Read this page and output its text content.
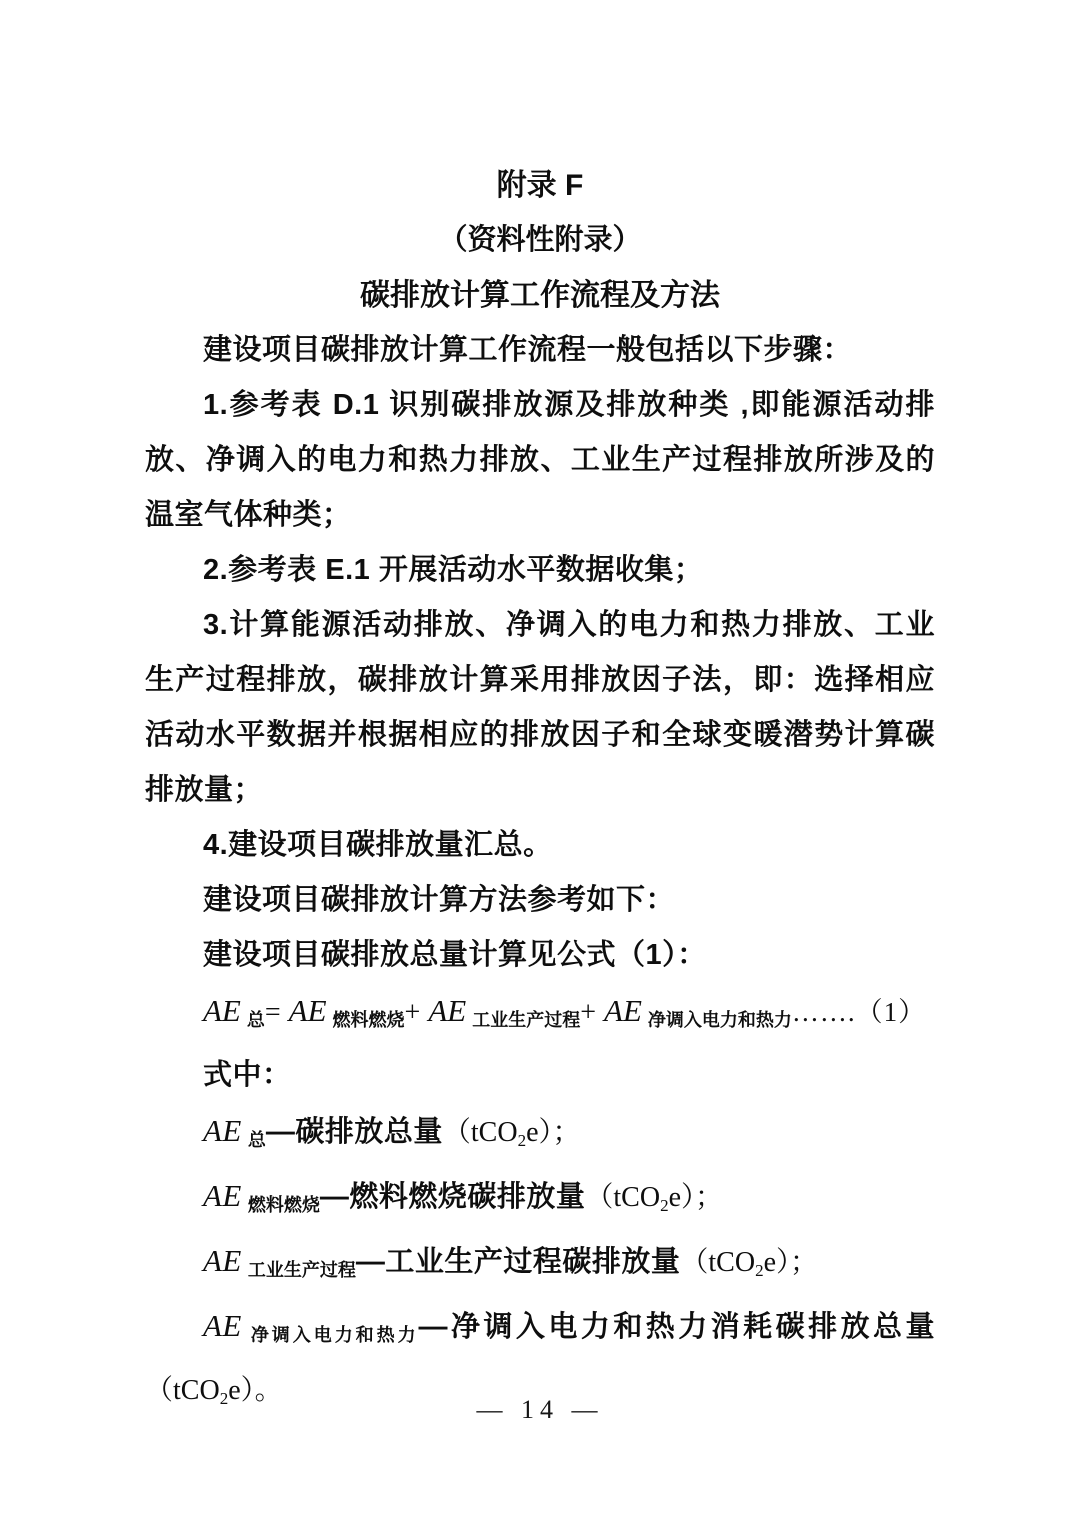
附录 F
（资料性附录）
碳排放计算工作流程及方法

建设项目碳排放计算工作流程一般包括以下步骤：

1.参考表 D.1 识别碳排放源及排放种类 ,即能源活动排放、净调入的电力和热力排放、工业生产过程排放所涉及的温室气体种类；

2.参考表 E.1 开展活动水平数据收集；

3.计算能源活动排放、净调入的电力和热力排放、工业生产过程排放，碳排放计算采用排放因子法，即：选择相应活动水平数据并根据相应的排放因子和全球变暖潜势计算碳排放量；

4.建设项目碳排放量汇总。

建设项目碳排放计算方法参考如下：

建设项目碳排放总量计算见公式（1）：

AE $_总$= AE $_{燃料燃烧}$+ AE $_{工业生产过程}$+ AE $_{净调入电力和热力}$…….（1）

式中：

AE $_总$—碳排放总量（tCO2e）；

AE $_{燃料燃烧}$—燃料燃烧碳排放量（tCO2e）；

AE $_{工业生产过程}$—工业生产过程碳排放量（tCO2e）；

AE $_{净调入电力和热力}$—净调入电力和热力消耗碳排放总量（tCO2e）。

— 14 —
